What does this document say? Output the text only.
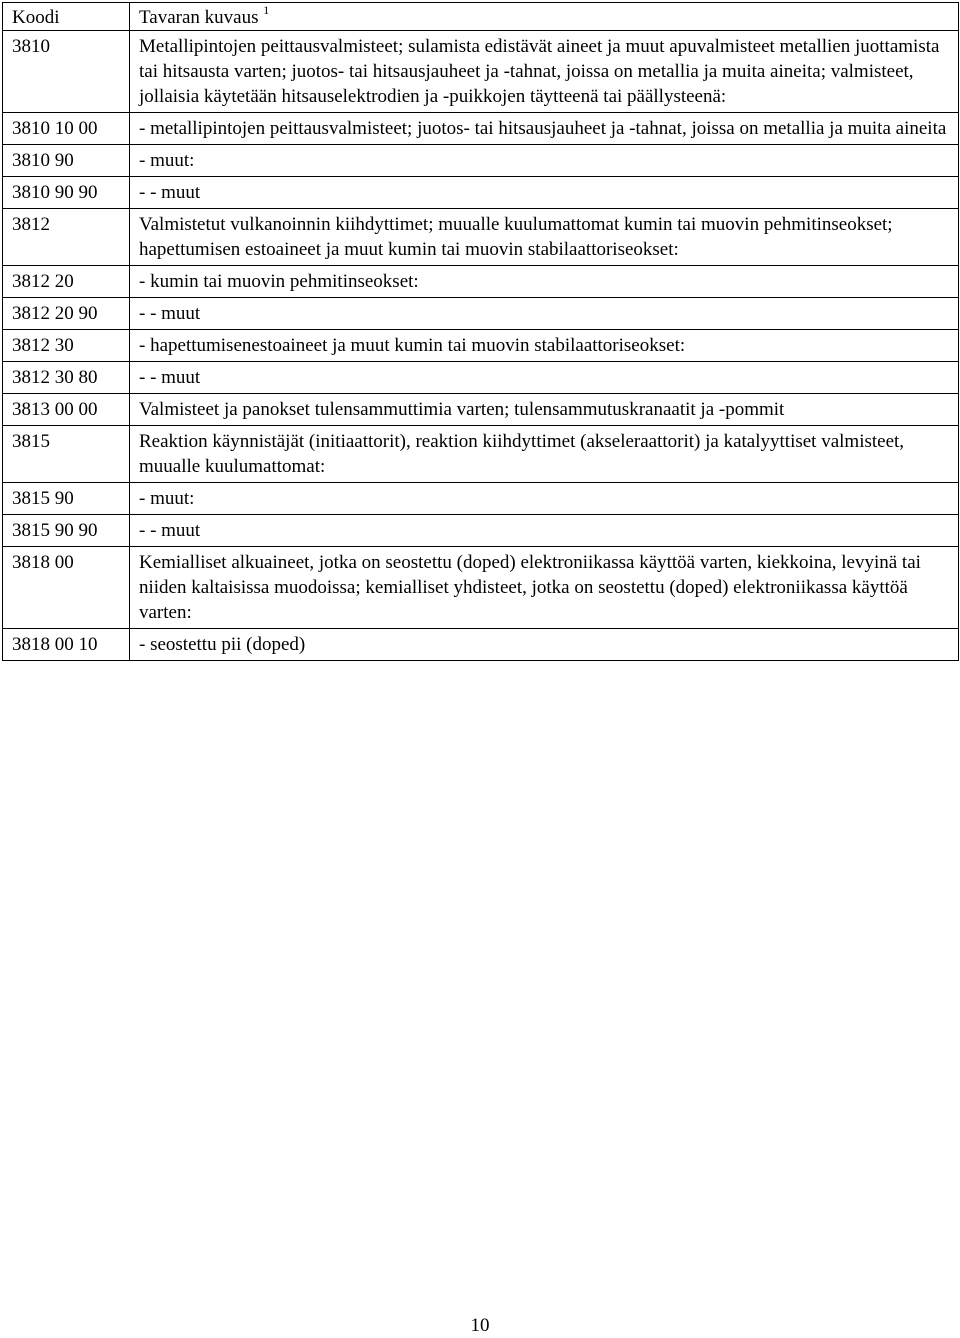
Koodi	Tavaran kuvaus $^1$
3810	Metallipintojen peittausvalmisteet; sulamista edistävät aineet ja muut apuvalmisteet metallien juottamista tai hitsausta varten; juotos- tai hitsausjauheet ja -tahnat, joissa on metallia ja muita aineita; valmisteet, jollaisia käytetään hitsauselektrodien ja -puikkojen täytteenä tai päällysteenä:
3810 10 00	- metallipintojen peittausvalmisteet; juotos- tai hitsausjauheet ja -tahnat, joissa on metallia ja muita aineita
3810 90	- muut:
3810 90 90	- - muut
3812	Valmistetut vulkanoinnin kiihdyttimet; muualle kuulumattomat kumin tai muovin pehmitinseokset; hapettumisen estoaineet ja muut kumin tai muovin stabilaattoriseokset:
3812 20	- kumin tai muovin pehmitinseokset:
3812 20 90	- - muut
3812 30	- hapettumisenestoaineet ja muut kumin tai muovin stabilaattoriseokset:
3812 30 80	- - muut
3813 00 00	Valmisteet ja panokset tulensammuttimia varten; tulensammutuskranaatit ja -pommit
3815	Reaktion käynnistäjät (initiaattorit), reaktion kiihdyttimet (akseleraattorit) ja katalyyttiset valmisteet, muualle kuulumattomat:
3815 90	- muut:
3815 90 90	- - muut
3818 00	Kemialliset alkuaineet, jotka on seostettu (doped) elektroniikassa käyttöä varten, kiekkoina, levyinä tai niiden kaltaisissa muodoissa; kemialliset yhdisteet, jotka on seostettu (doped) elektroniikassa käyttöä varten:
3818 00 10	- seostettu pii (doped)
10
